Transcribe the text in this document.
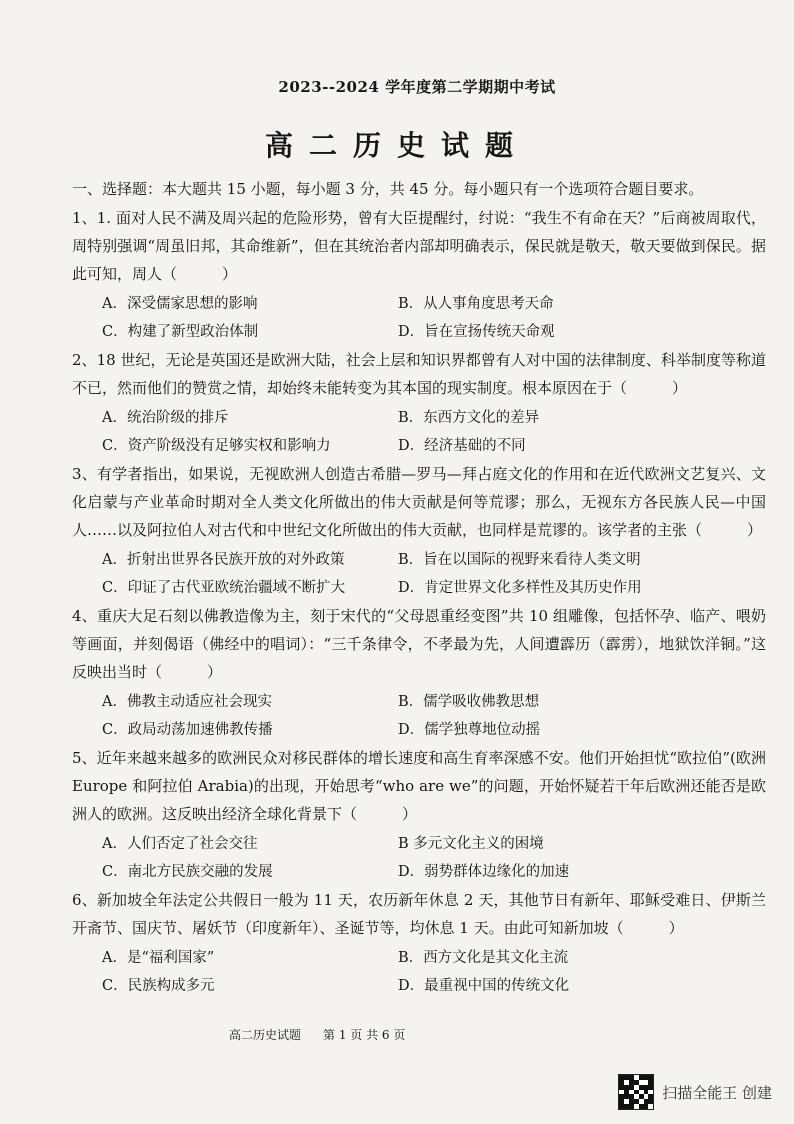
2023--2024 学年度第二学期期中考试
高二历史试题

一、选择题：本大题共 15 小题，每小题 3 分，共 45 分。每小题只有一个选项符合题目要求。

1、1. 面对人民不满及周兴起的危险形势，曾有大臣提醒纣，纣说：“我生不有命在天？”后商被周取代，周特别强调“周虽旧邦，其命维新”，但在其统治者内部却明确表示，保民就是敬天，敬天要做到保民。据此可知，周人（　　　）

A．深受儒家思想的影响	B．从人事角度思考天命
C．构建了新型政治体制	D．旨在宣扬传统天命观

2、18 世纪，无论是英国还是欧洲大陆，社会上层和知识界都曾有人对中国的法律制度、科举制度等称道不已，然而他们的赞赏之情，却始终未能转变为其本国的现实制度。根本原因在于（　　　）

A．统治阶级的排斥	B．东西方文化的差异
C．资产阶级没有足够实权和影响力	D．经济基础的不同

3、有学者指出，如果说，无视欧洲人创造古希腊—罗马—拜占庭文化的作用和在近代欧洲文艺复兴、文化启蒙与产业革命时期对全人类文化所做出的伟大贡献是何等荒谬；那么，无视东方各民族人民—中国人……以及阿拉伯人对古代和中世纪文化所做出的伟大贡献，也同样是荒谬的。该学者的主张（　　　）

A．折射出世界各民族开放的对外政策	B．旨在以国际的视野来看待人类文明
C．印证了古代亚欧统治疆域不断扩大	D．肯定世界文化多样性及其历史作用

4、重庆大足石刻以佛教造像为主，刻于宋代的“父母恩重经变图”共 10 组雕像，包括怀孕、临产、喂奶等画面，并刻偈语（佛经中的唱词）：“三千条律令，不孝最为先，人间遭霹历（霹雳），地狱饮洋铜。”这反映出当时（　　　）

A．佛教主动适应社会现实	B．儒学吸收佛教思想
C．政局动荡加速佛教传播	D．儒学独尊地位动摇

5、近年来越来越多的欧洲民众对移民群体的增长速度和高生育率深感不安。他们开始担忧“欧拉伯”(欧洲 Europe 和阿拉伯 Arabia)的出现，开始思考“who are we”的问题，开始怀疑若干年后欧洲还能否是欧洲人的欧洲。这反映出经济全球化背景下（　　　）

A．人们否定了社会交往	B 多元文化主义的困境
C．南北方民族交融的发展	D．弱势群体边缘化的加速

6、新加坡全年法定公共假日一般为 11 天，农历新年休息 2 天，其他节日有新年、耶稣受难日、伊斯兰开斋节、国庆节、屠妖节（印度新年）、圣诞节等，均休息 1 天。由此可知新加坡（　　　）

A．是“福利国家”	B．西方文化是其文化主流
C．民族构成多元	D．最重视中国的传统文化
高二历史试题 第 1 页 共 6 页
扫描全能王 创建
